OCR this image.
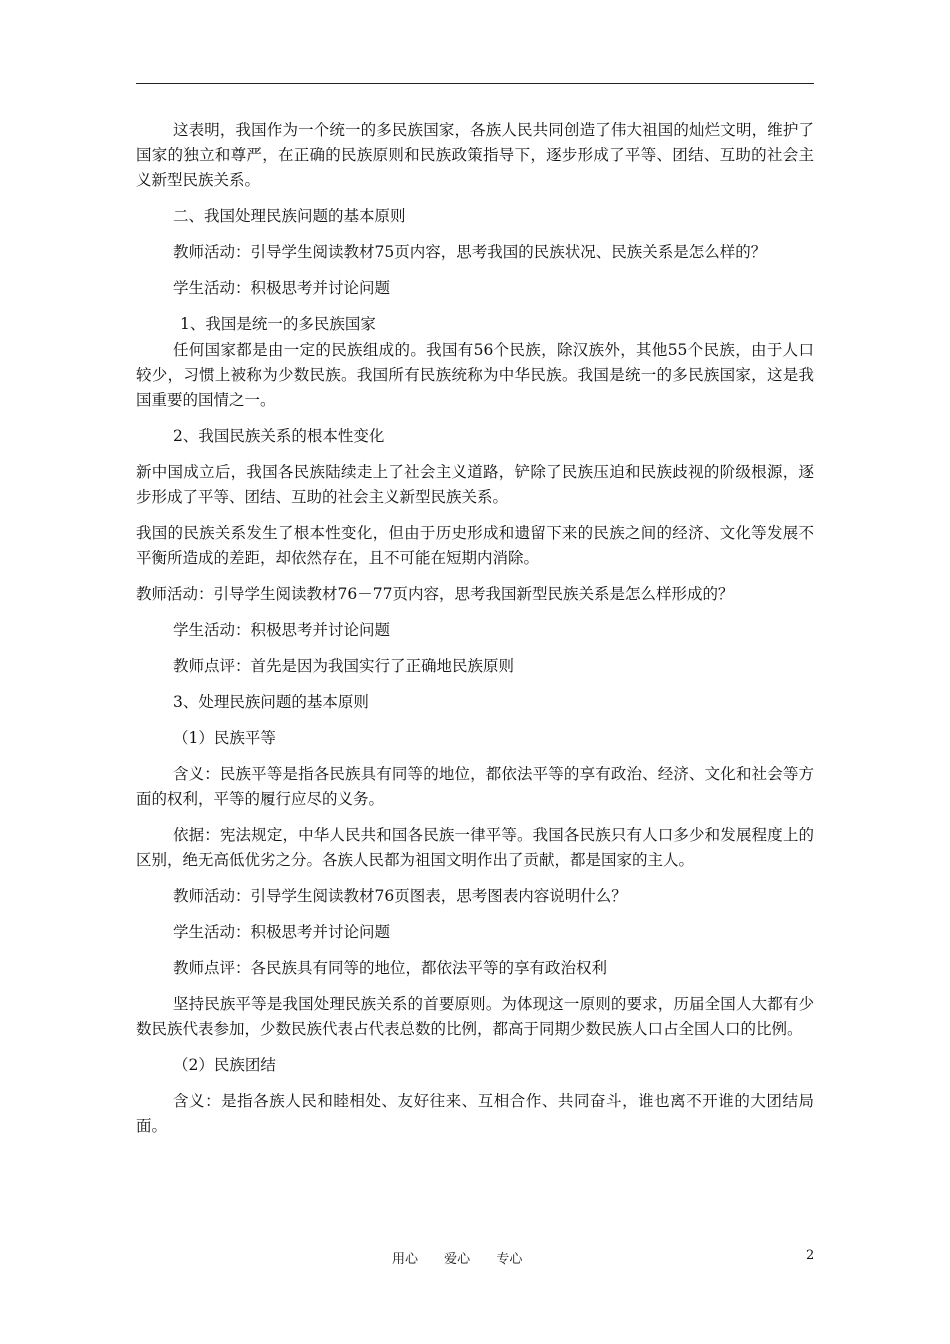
这表明，我国作为一个统一的多民族国家，各族人民共同创造了伟大祖国的灿烂文明，维护了国家的独立和尊严，在正确的民族原则和民族政策指导下，逐步形成了平等、团结、互助的社会主义新型民族关系。

二、我国处理民族问题的基本原则

教师活动：引导学生阅读教材75页内容，思考我国的民族状况、民族关系是怎么样的？

学生活动：积极思考并讨论问题

1、我国是统一的多民族国家

任何国家都是由一定的民族组成的。我国有56个民族，除汉族外，其他55个民族，由于人口较少，习惯上被称为少数民族。我国所有民族统称为中华民族。我国是统一的多民族国家，这是我国重要的国情之一。

2、我国民族关系的根本性变化

新中国成立后，我国各民族陆续走上了社会主义道路，铲除了民族压迫和民族歧视的阶级根源，逐步形成了平等、团结、互助的社会主义新型民族关系。

我国的民族关系发生了根本性变化，但由于历史形成和遗留下来的民族之间的经济、文化等发展不平衡所造成的差距，却依然存在，且不可能在短期内消除。

教师活动：引导学生阅读教材76－77页内容，思考我国新型民族关系是怎么样形成的？

学生活动：积极思考并讨论问题

教师点评：首先是因为我国实行了正确地民族原则

3、处理民族问题的基本原则

（1）民族平等

含义：民族平等是指各民族具有同等的地位，都依法平等的享有政治、经济、文化和社会等方面的权利，平等的履行应尽的义务。

依据：宪法规定，中华人民共和国各民族一律平等。我国各民族只有人口多少和发展程度上的区别，绝无高低优劣之分。各族人民都为祖国文明作出了贡献，都是国家的主人。

教师活动：引导学生阅读教材76页图表，思考图表内容说明什么？

学生活动：积极思考并讨论问题

教师点评：各民族具有同等的地位，都依法平等的享有政治权利

坚持民族平等是我国处理民族关系的首要原则。为体现这一原则的要求，历届全国人大都有少数民族代表参加，少数民族代表占代表总数的比例，都高于同期少数民族人口占全国人口的比例。

（2）民族团结

含义：是指各族人民和睦相处、友好往来、互相合作、共同奋斗，谁也离不开谁的大团结局面。

用心 爱心 专心	2
